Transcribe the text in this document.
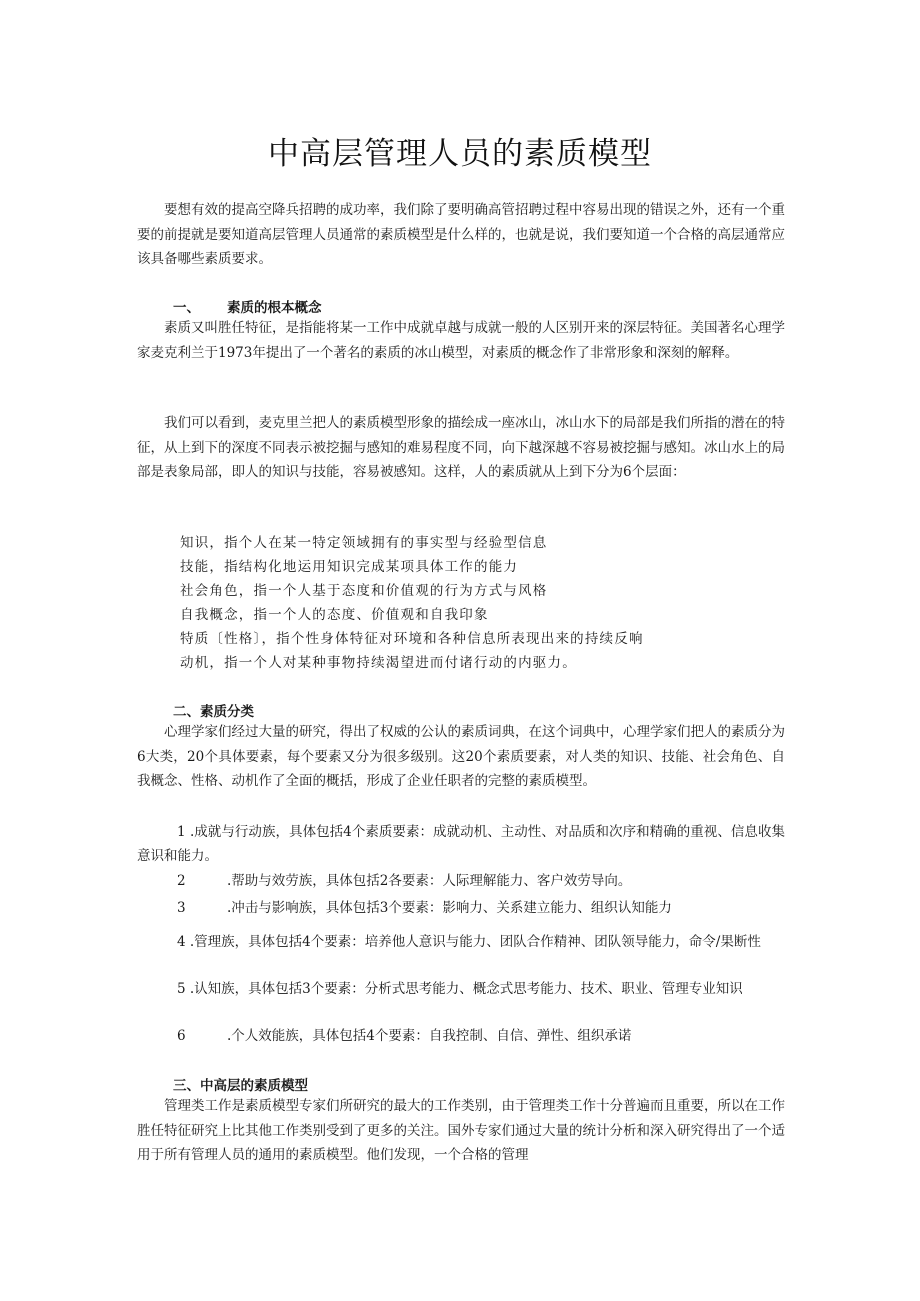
中高层管理人员的素质模型

要想有效的提高空降兵招聘的成功率，我们除了要明确高管招聘过程中容易出现的错误之外，还有一个重要的前提就是要知道高层管理人员通常的素质模型是什么样的，也就是说，我们要知道一个合格的高层通常应该具备哪些素质要求。

一、 素质的根本概念

素质又叫胜任特征，是指能将某一工作中成就卓越与成就一般的人区别开来的深层特征。美国著名心理学家麦克利兰于1973年提出了一个著名的素质的冰山模型，对素质的概念作了非常形象和深刻的解释。

我们可以看到，麦克里兰把人的素质模型形象的描绘成一座冰山，冰山水下的局部是我们所指的潜在的特征，从上到下的深度不同表示被挖掘与感知的难易程度不同，向下越深越不容易被挖掘与感知。冰山水上的局部是表象局部，即人的知识与技能，容易被感知。这样，人的素质就从上到下分为6个层面：

知识，指个人在某一特定领域拥有的事实型与经验型信息
技能，指结构化地运用知识完成某项具体工作的能力
社会角色，指一个人基于态度和价值观的行为方式与风格
自我概念，指一个人的态度、价值观和自我印象
特质〔性格〕，指个性身体特征对环境和各种信息所表现出来的持续反响
动机，指一个人对某种事物持续渴望进而付诸行动的内驱力。
二、素质分类

心理学家们经过大量的研究，得出了权威的公认的素质词典，在这个词典中，心理学家们把人的素质分为6大类，20个具体要素，每个要素又分为很多级别。这20个素质要素，对人类的知识、技能、社会角色、自我概念、性格、动机作了全面的概括，形成了企业任职者的完整的素质模型。

1 .成就与行动族，具体包括4个素质要素：成就动机、主动性、对品质和次序和精确的重视、信息收集意识和能力。

2	.帮助与效劳族，具体包括2各要素：人际理解能力、客户效劳导向。

3	.冲击与影响族，具体包括3个要素：影响力、关系建立能力、组织认知能力

4 .管理族，具体包括4个要素：培养他人意识与能力、团队合作精神、团队领导能力，命令/果断性

5 .认知族，具体包括3个要素：分析式思考能力、概念式思考能力、技术、职业、管理专业知识

6	.个人效能族，具体包括4个要素：自我控制、自信、弹性、组织承诺

三、中高层的素质模型

管理类工作是素质模型专家们所研究的最大的工作类别，由于管理类工作十分普遍而且重要，所以在工作胜任特征研究上比其他工作类别受到了更多的关注。国外专家们通过大量的统计分析和深入研究得出了一个适用于所有管理人员的通用的素质模型。他们发现，一个合格的管理
